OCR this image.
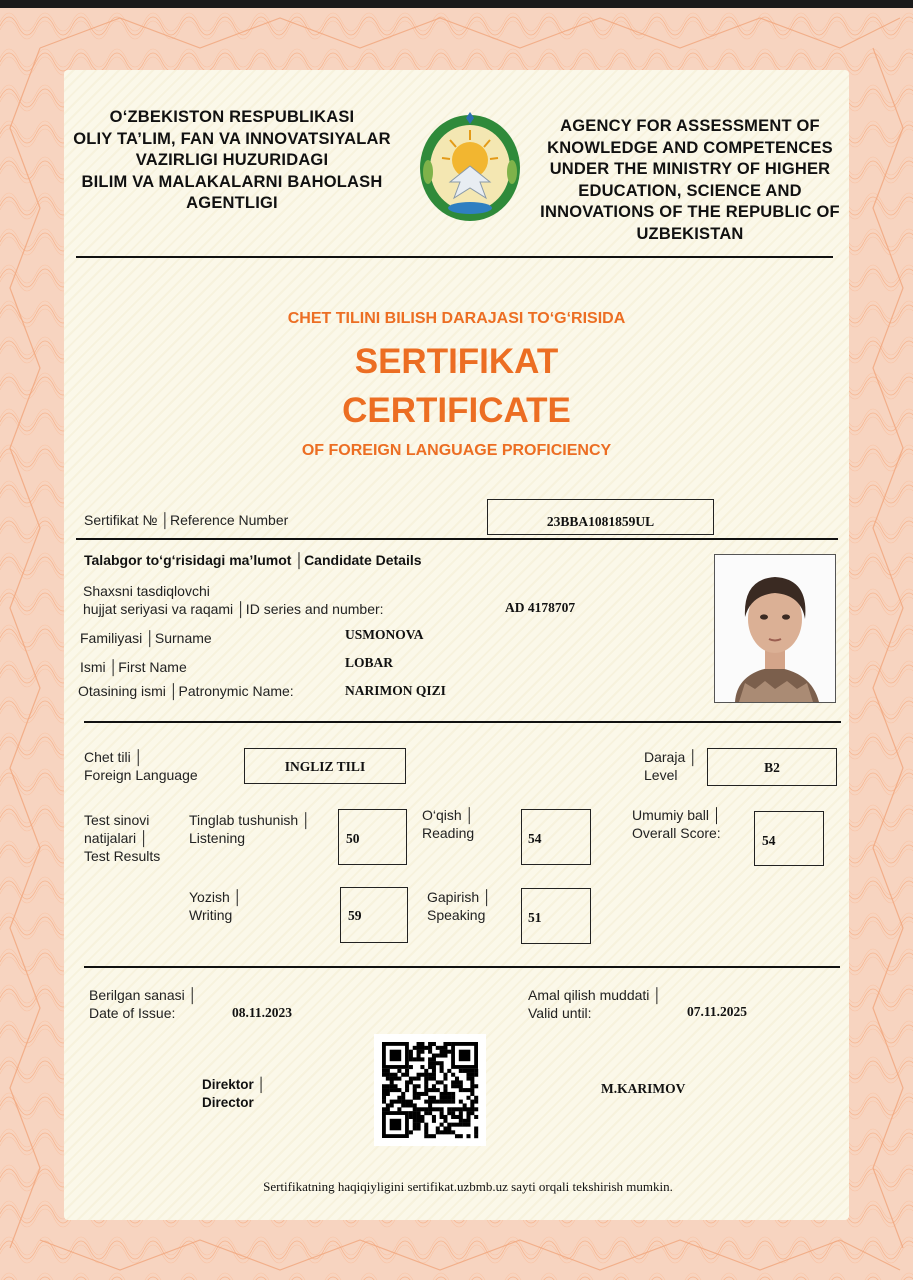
O‘ZBEKISTON RESPUBLIKASI
OLIY TA’LIM, FAN VA INNOVATSIYALAR
VAZIRLIGI HUZURIDAGI
BILIM VA MALAKALARNI BAHOLASH
AGENTLIGI
AGENCY FOR ASSESSMENT OF
KNOWLEDGE AND COMPETENCES
UNDER THE MINISTRY OF HIGHER
EDUCATION, SCIENCE AND
INNOVATIONS OF THE REPUBLIC OF
UZBEKISTAN
CHET TILINI BILISH DARAJASI TO‘G‘RISIDA
SERTIFIKAT
CERTIFICATE
OF FOREIGN LANGUAGE PROFICIENCY
Sertifikat № │Reference Number	23BBA1081859UL
Talabgor to‘g‘risidagi ma’lumot │Candidate Details
Shaxsni tasdiqlovchi
hujjat seriyasi va raqami │ID series and number:	AD 4178707
Familiyasi │Surname	USMONOVA
Ismi │First Name	LOBAR
Otasining ismi │Patronymic Name:	NARIMON QIZI
Chet tili │
Foreign Language
INGLIZ TILI
Daraja │
Level	B2
Test sinovi
natijalari │
Test Results
Tinglab tushunish │
Listening	50
O‘qish │
Reading	54
Umumiy ball │
Overall Score:	54
Yozish │
Writing	59
Gapirish │
Speaking	51
Berilgan sanasi │
Date of Issue:	08.11.2023
Amal qilish muddati │
Valid until:	07.11.2025
Direktor │
Director
M.KARIMOV
Sertifikatning haqiqiyligini sertifikat.uzbmb.uz sayti orqali tekshirish mumkin.
